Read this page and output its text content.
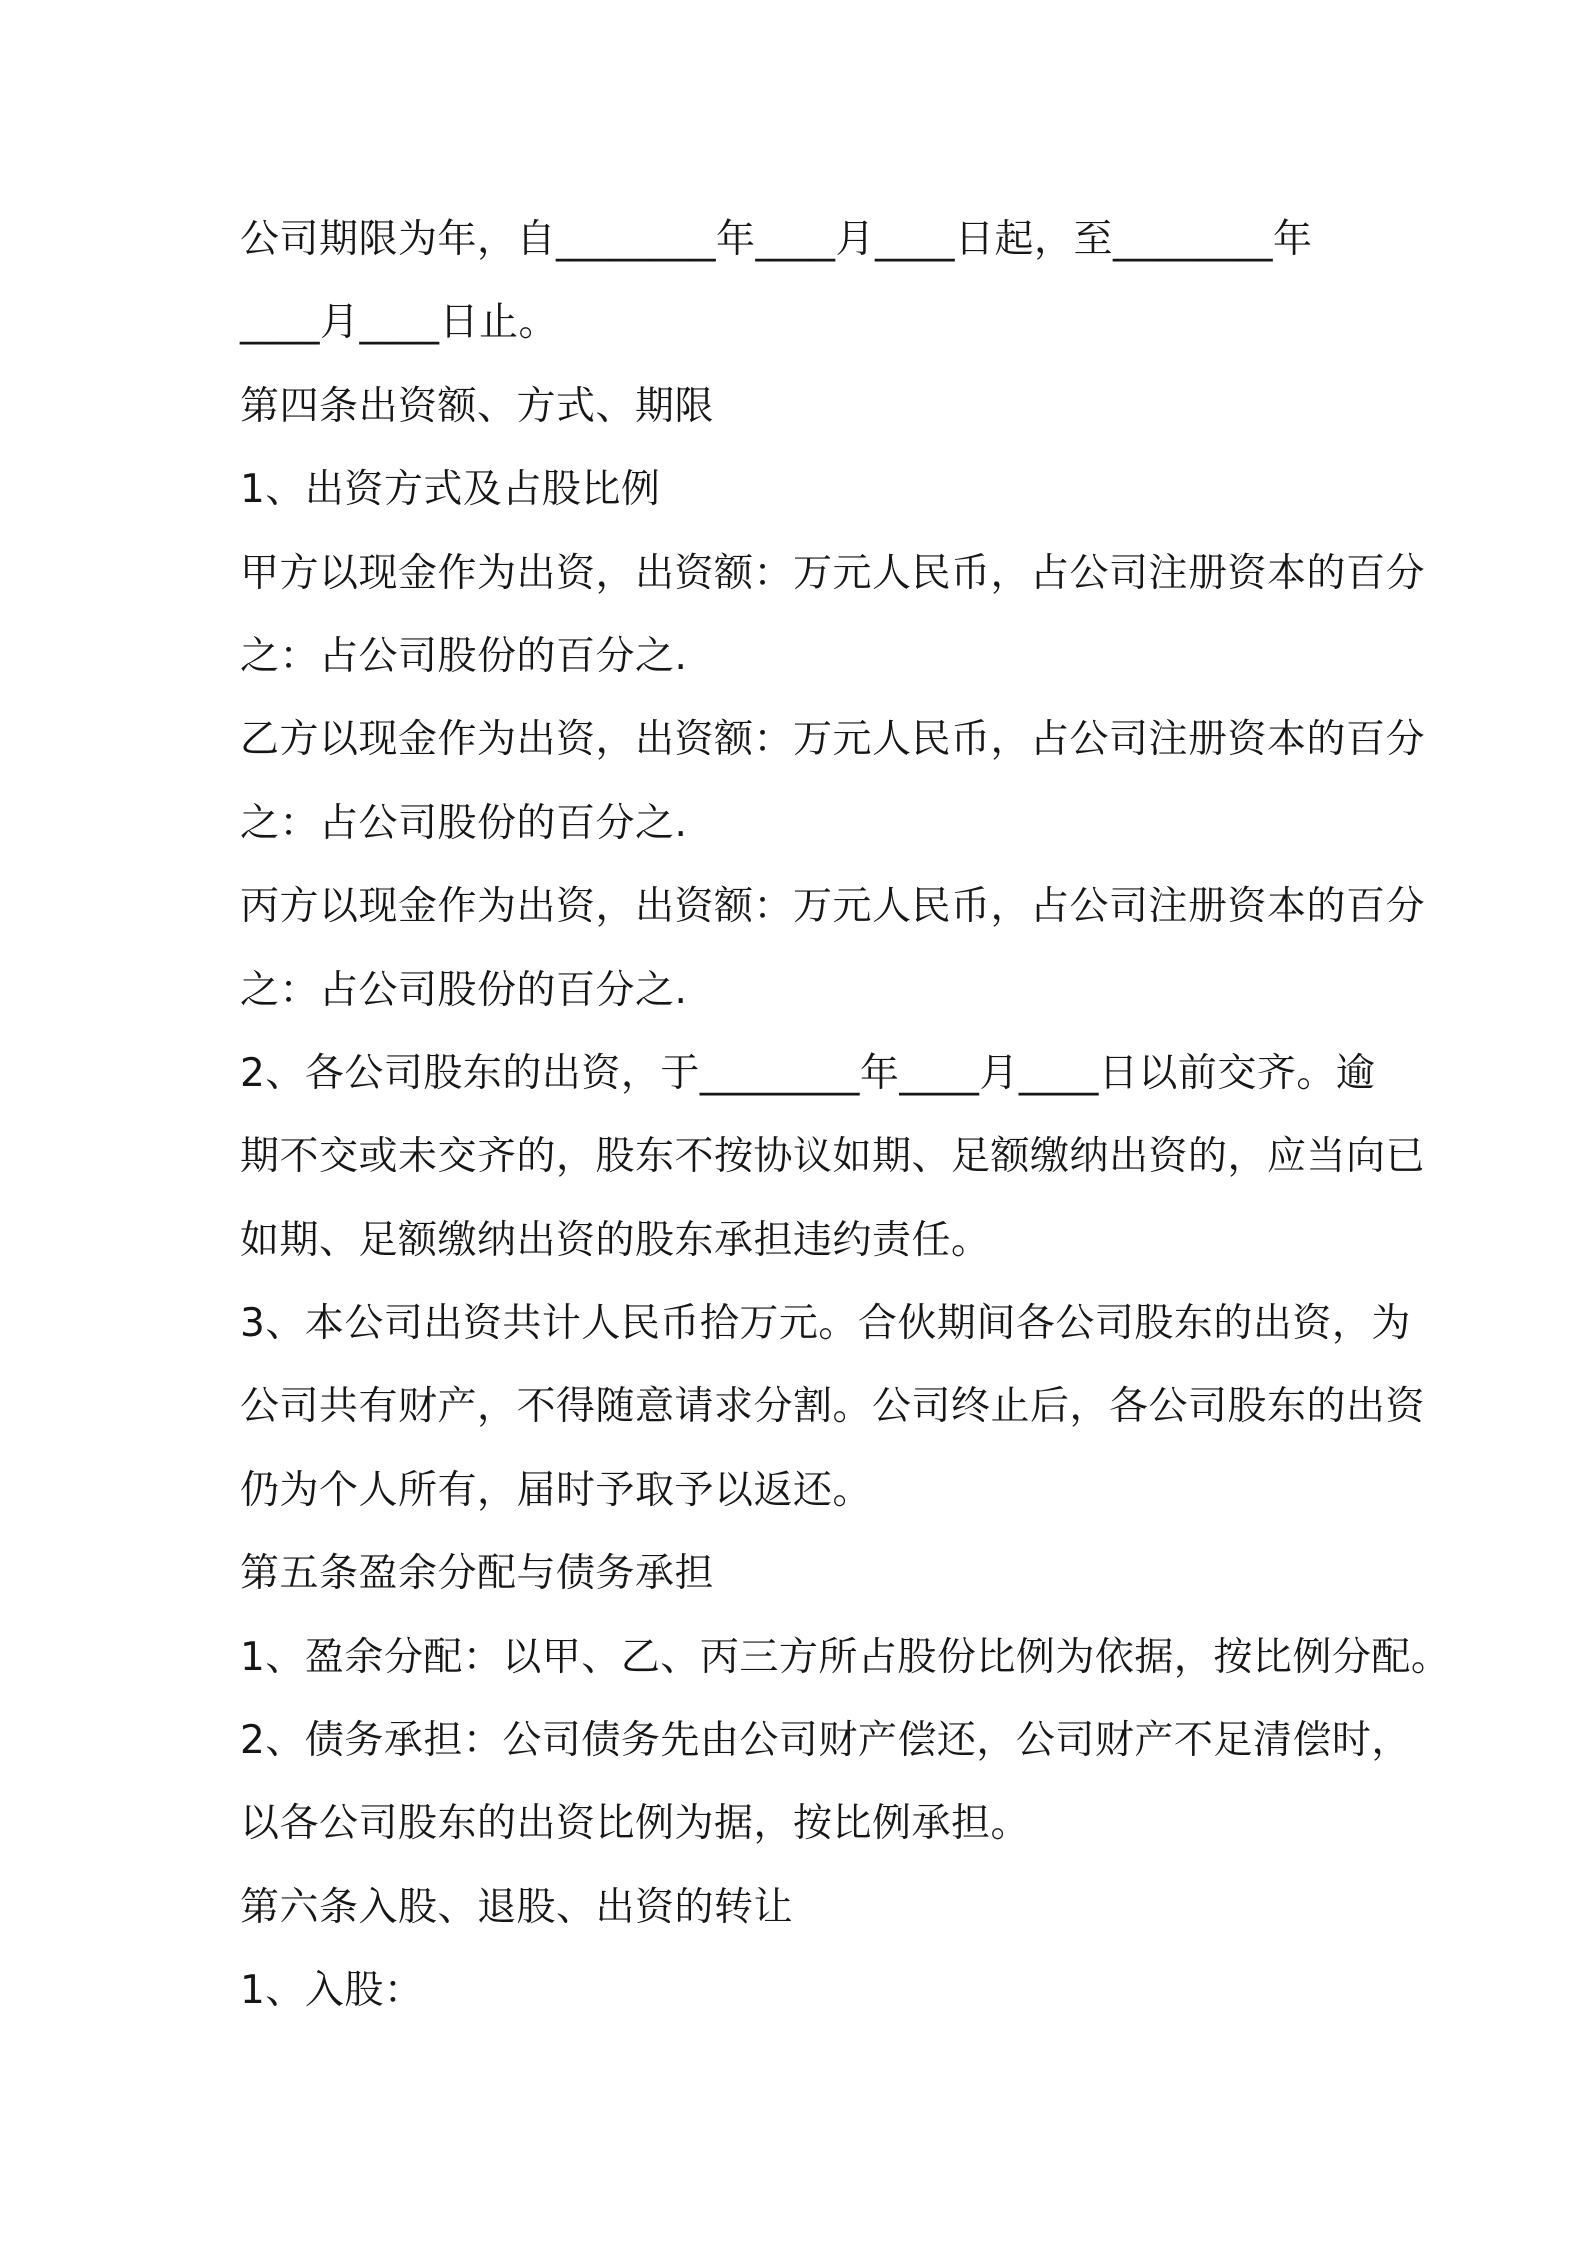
公司期限为年，自________年____月____日起，至________年
____月____日止。
第四条出资额、方式、期限
1、出资方式及占股比例
甲方以现金作为出资，出资额：万元人民币，占公司注册资本的百分
之：占公司股份的百分之.
乙方以现金作为出资，出资额：万元人民币，占公司注册资本的百分
之：占公司股份的百分之.
丙方以现金作为出资，出资额：万元人民币，占公司注册资本的百分
之：占公司股份的百分之.
2、各公司股东的出资，于________年____月____日以前交齐。逾
期不交或未交齐的，股东不按协议如期、足额缴纳出资的，应当向已
如期、足额缴纳出资的股东承担违约责任。
3、本公司出资共计人民币拾万元。合伙期间各公司股东的出资，为
公司共有财产，不得随意请求分割。公司终止后，各公司股东的出资
仍为个人所有，届时予取予以返还。
第五条盈余分配与债务承担
1、盈余分配：以甲、乙、丙三方所占股份比例为依据，按比例分配。
2、债务承担：公司债务先由公司财产偿还，公司财产不足清偿时，
以各公司股东的出资比例为据，按比例承担。
第六条入股、退股、出资的转让
1、入股：
